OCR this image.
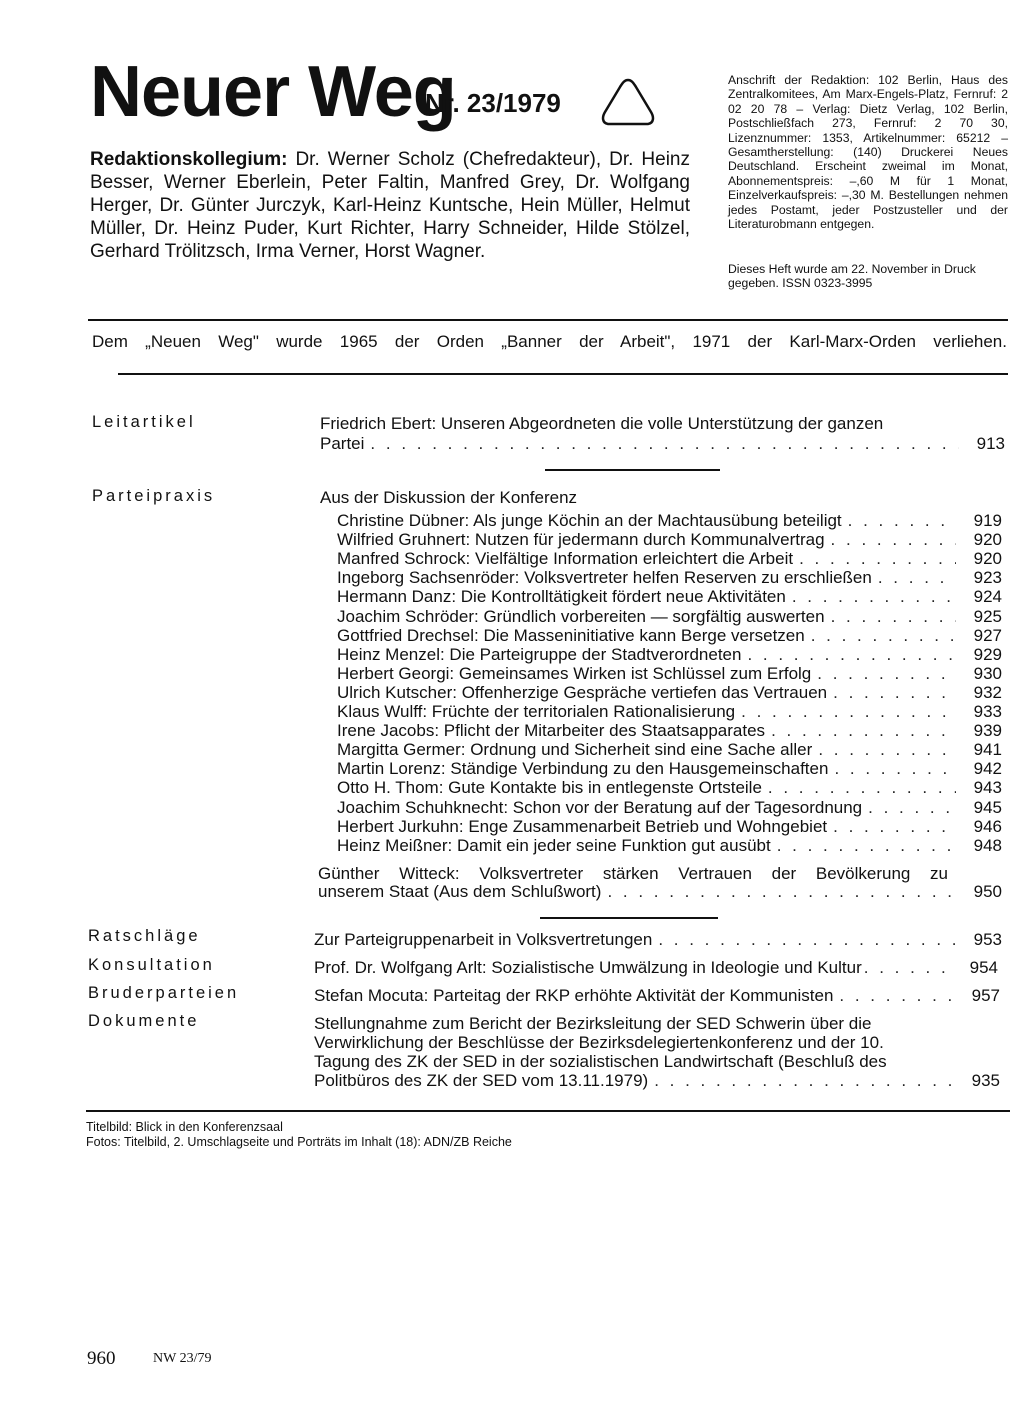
Neuer Weg
Nr. 23/1979
Redaktionskollegium: Dr. Werner Scholz (Chefredakteur), Dr. Heinz Besser, Werner Eberlein, Peter Faltin, Manfred Grey, Dr. Wolfgang Herger, Dr. Günter Jurczyk, Karl-Heinz Kuntsche, Hein Müller, Helmut Müller, Dr. Heinz Puder, Kurt Richter, Harry Schneider, Hilde Stölzel, Gerhard Trölitzsch, Irma Verner, Horst Wagner.
Anschrift der Redaktion: 102 Berlin, Haus des Zentralkomitees, Am Marx-Engels-Platz, Fernruf: 2 02 20 78 – Verlag: Dietz Verlag, 102 Berlin, Postschließfach 273, Fernruf: 2 70 30, Lizenznummer: 1353, Artikelnummer: 65212 – Gesamtherstellung: (140) Druckerei Neues Deutschland. Erscheint zweimal im Monat, Abonnementspreis: –,60 M für 1 Monat, Einzelverkaufspreis: –,30 M. Bestellungen nehmen jedes Postamt, jeder Postzusteller und der Literaturobmann entgegen.
Dieses Heft wurde am 22. November in Druck gegeben. ISSN 0323-3995
Dem „Neuen Weg" wurde 1965 der Orden „Banner der Arbeit", 1971 der Karl-Marx-Orden verliehen.
Leitartikel	Friedrich Ebert: Unseren Abgeordneten die volle Unterstützung der ganzen
Partei . . .	913
Parteipraxis	Aus der Diskussion der Konferenz
Christine Dübner: Als junge Köchin an der Machtausübung beteiligt . . .	919
Wilfried Gruhnert: Nutzen für jedermann durch Kommunalvertrag . . .	920
Manfred Schrock: Vielfältige Information erleichtert die Arbeit . . .	920
Ingeborg Sachsenröder: Volksvertreter helfen Reserven zu erschließen . . .	923
Hermann Danz: Die Kontrolltätigkeit fördert neue Aktivitäten . . .	924
Joachim Schröder: Gründlich vorbereiten — sorgfältig auswerten . . .	925
Gottfried Drechsel: Die Masseninitiative kann Berge versetzen . . .	927
Heinz Menzel: Die Parteigruppe der Stadtverordneten . . .	929
Herbert Georgi: Gemeinsames Wirken ist Schlüssel zum Erfolg . . .	930
Ulrich Kutscher: Offenherzige Gespräche vertiefen das Vertrauen . . .	932
Klaus Wulff: Früchte der territorialen Rationalisierung . . .	933
Irene Jacobs: Pflicht der Mitarbeiter des Staatsapparates . . .	939
Margitta Germer: Ordnung und Sicherheit sind eine Sache aller . . .	941
Martin Lorenz: Ständige Verbindung zu den Hausgemeinschaften . . .	942
Otto H. Thom: Gute Kontakte bis in entlegenste Ortsteile . . .	943
Joachim Schuhknecht: Schon vor der Beratung auf der Tagesordnung . . .	945
Herbert Jurkuhn: Enge Zusammenarbeit Betrieb und Wohngebiet . . .	946
Heinz Meißner: Damit ein jeder seine Funktion gut ausübt . . .	948
Günther Witteck: Volksvertreter stärken Vertrauen der Bevölkerung zu
unserem Staat (Aus dem Schlußwort) . . .	950
Ratschläge	Zur Parteigruppenarbeit in Volksvertretungen . . .	953
Konsultation	Prof. Dr. Wolfgang Arlt: Sozialistische Umwälzung in Ideologie und Kultur . . .	954
Bruderparteien	Stefan Mocuta: Parteitag der RKP erhöhte Aktivität der Kommunisten . . .	957
Dokumente	Stellungnahme zum Bericht der Bezirksleitung der SED Schwerin über die
Verwirklichung der Beschlüsse der Bezirksdelegiertenkonferenz und der 10.
Tagung des ZK der SED in der sozialistischen Landwirtschaft (Beschluß des
Politbüros des ZK der SED vom 13.11.1979) . . .	935
Titelbild: Blick in den Konferenzsaal
Fotos: Titelbild, 2. Umschlagseite und Porträts im Inhalt (18): ADN/ZB Reiche
960	NW 23/79
